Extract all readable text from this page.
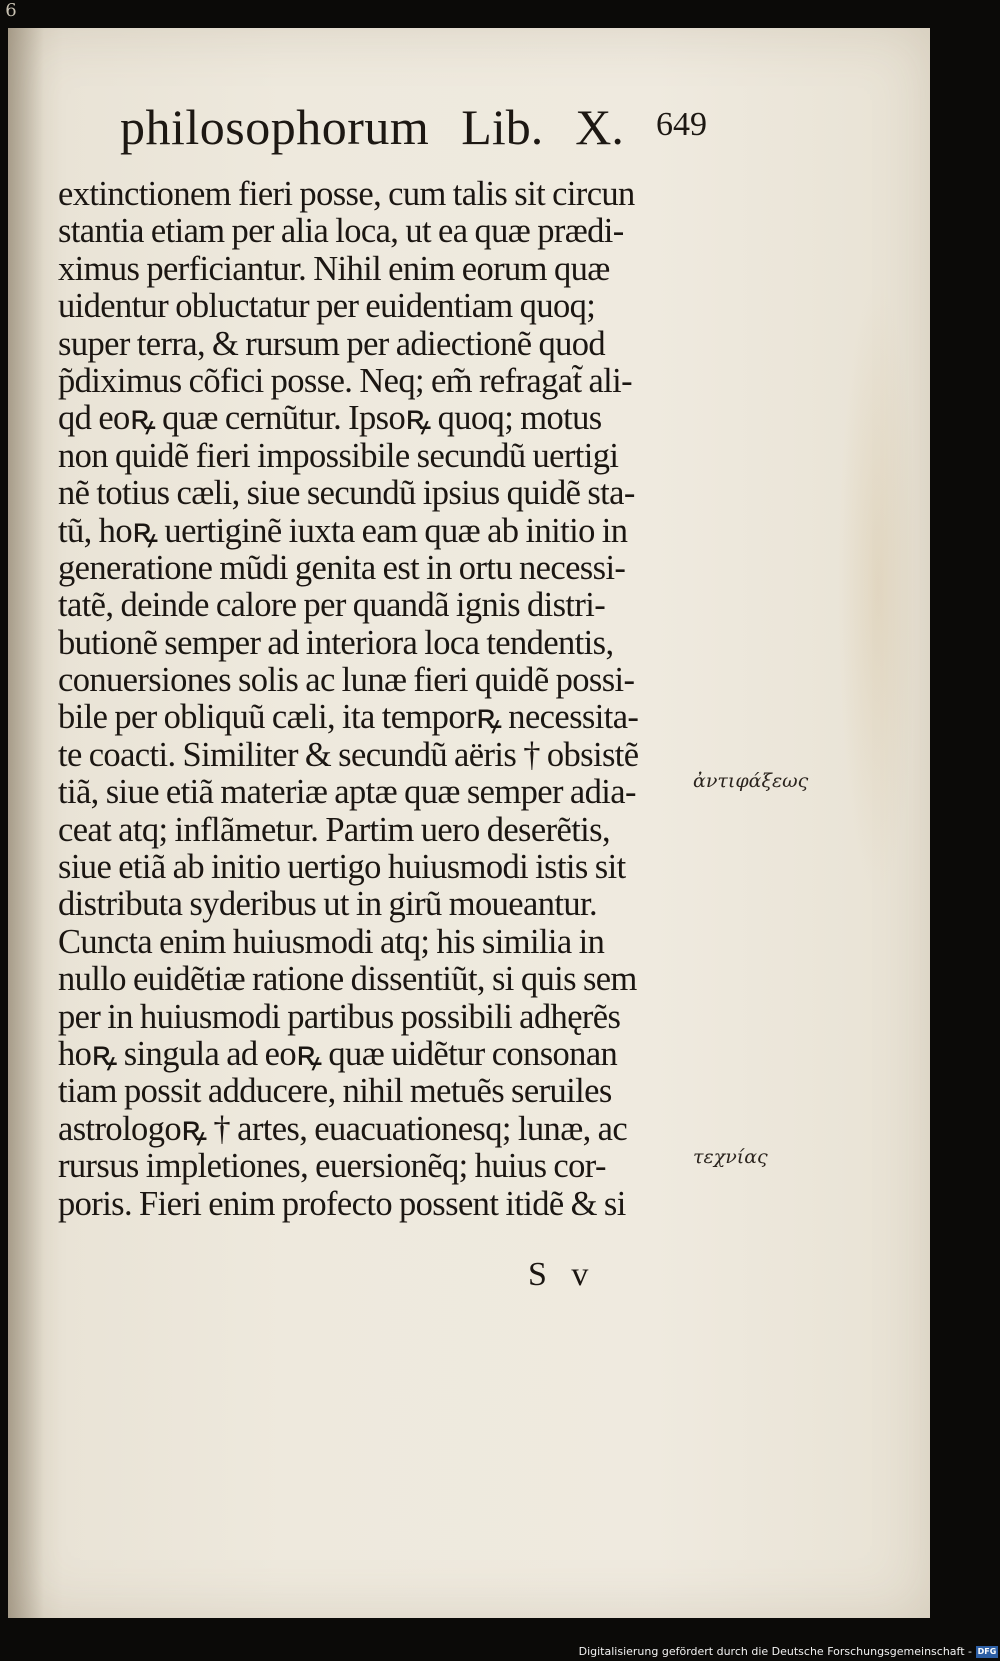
6
philosophorum Lib. X. 649
extinctionem fieri posse, cum talis sit circun
stantia etiam per alia loca, ut ea quæ prædi-
ximus perficiantur. Nihil enim eorum quæ
uidentur obluctatur per euidentiam quoq;
super terra, & rursum per adiectionẽ quod
p̃diximus cõfici posse. Neq; em̃ refragat̃ ali-
qd eoꝶ quæ cernũtur. Ipsoꝶ quoq; motus
non quidẽ fieri impossibile secundũ uertigi
nẽ totius cæli, siue secundũ ipsius quidẽ sta-
tũ, hoꝶ uertiginẽ iuxta eam quæ ab initio in
generatione mũdi genita est in ortu necessi-
tatẽ, deinde calore per quandã ignis distri-
butionẽ semper ad interiora loca tendentis,
conuersiones solis ac lunæ fieri quidẽ possi-
bile per obliquũ cæli, ita temporꝶ necessita-
te coacti. Similiter & secundũ aëris † obsistẽ
tiã, siue etiã materiæ aptæ quæ semper adia-
ceat atq; inflãmetur. Partim uero deserẽtis,
siue etiã ab initio uertigo huiusmodi istis sit
distributa syderibus ut in girũ moueantur.
Cuncta enim huiusmodi atq; his similia in
nullo euidẽtiæ ratione dissentiũt, si quis sem
per in huiusmodi partibus possibili adhęrẽs
hoꝶ singula ad eoꝶ quæ uidẽtur consonan
tiam possit adducere, nihil metuẽs seruiles
astrologoꝶ † artes, euacuationesq; lunæ, ac
rursus impletiones, euersionẽq; huius cor-
poris. Fieri enim profecto possent itidẽ & si
ἀντιφάξεως
τεχνίας
S v
Digitalisierung gefördert durch die Deutsche Forschungsgemeinschaft - DFG
